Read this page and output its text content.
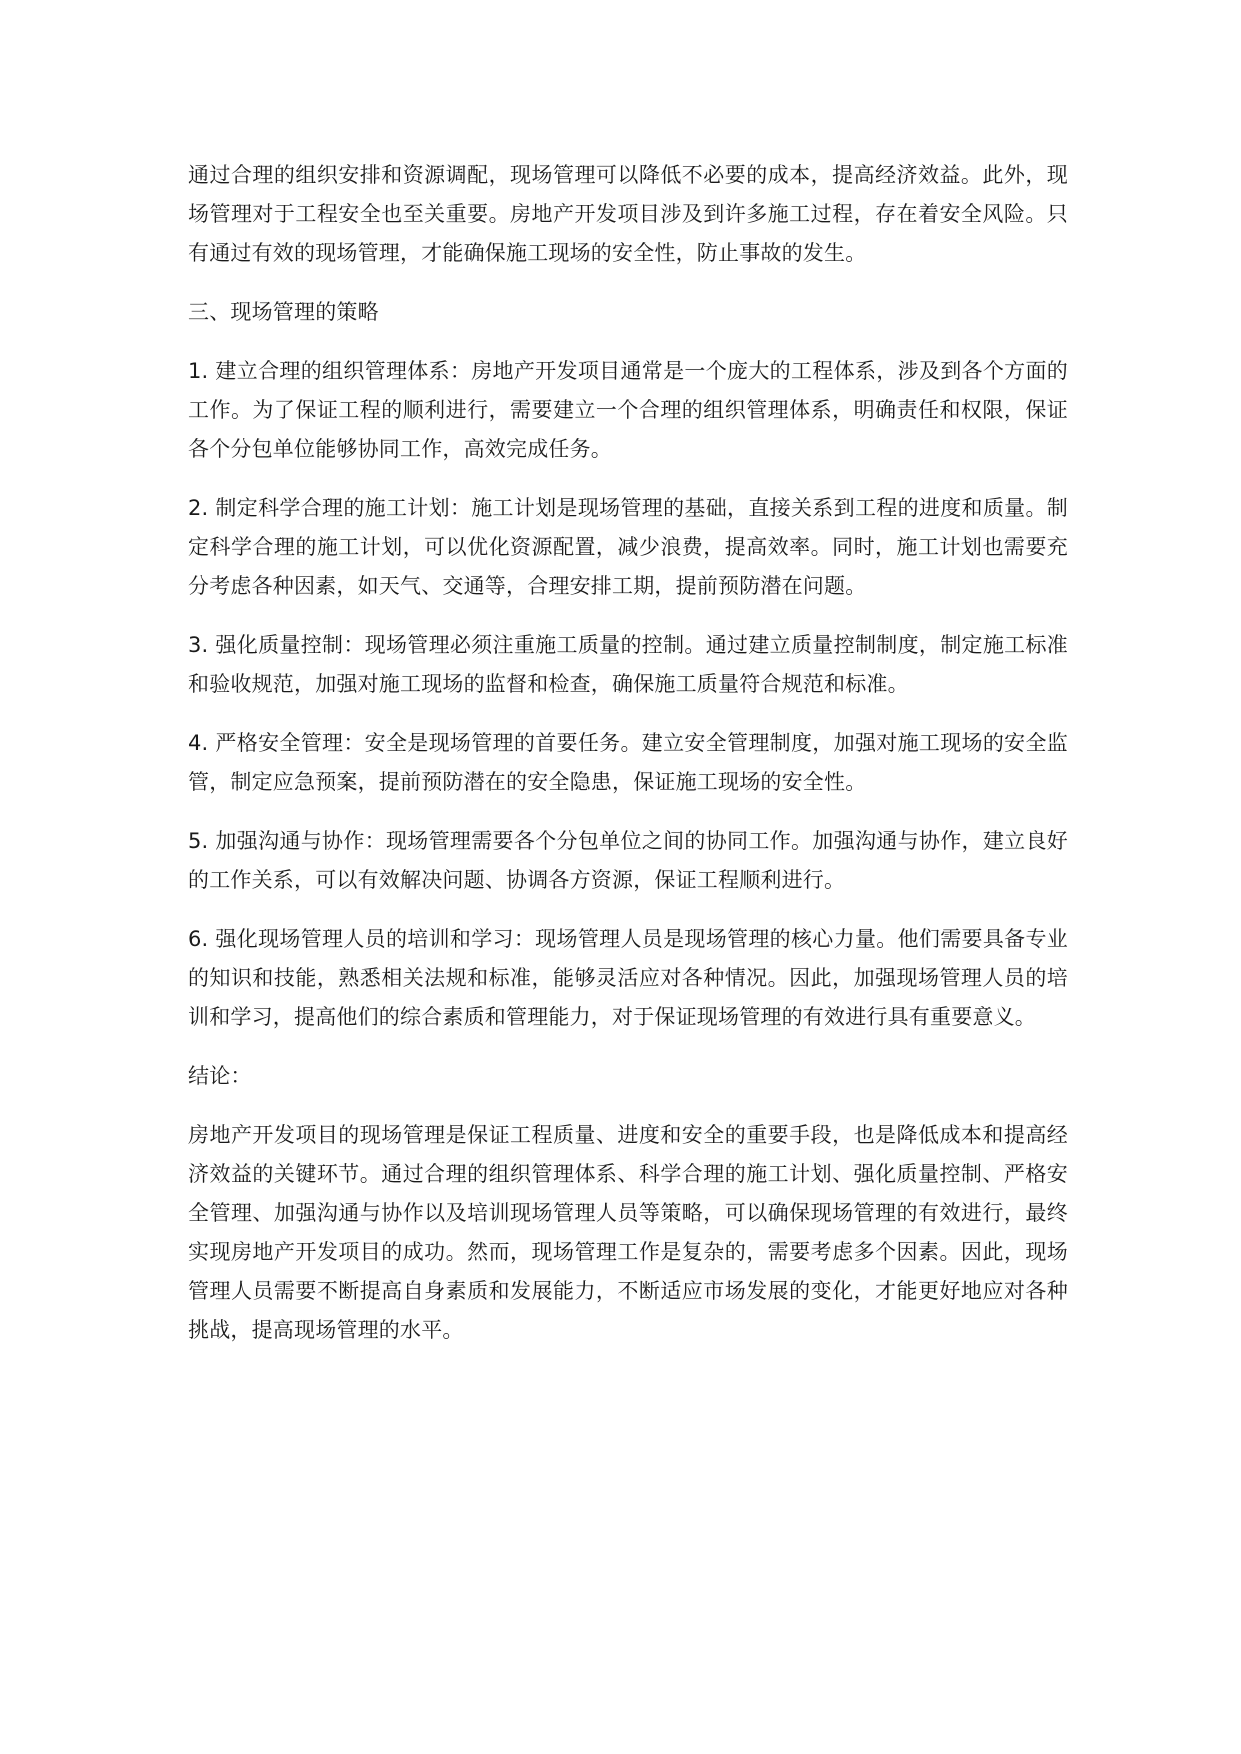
通过合理的组织安排和资源调配，现场管理可以降低不必要的成本，提高经济效益。此外，现场管理对于工程安全也至关重要。房地产开发项目涉及到许多施工过程，存在着安全风险。只有通过有效的现场管理，才能确保施工现场的安全性，防止事故的发生。

三、现场管理的策略

1. 建立合理的组织管理体系：房地产开发项目通常是一个庞大的工程体系，涉及到各个方面的工作。为了保证工程的顺利进行，需要建立一个合理的组织管理体系，明确责任和权限，保证各个分包单位能够协同工作，高效完成任务。

2. 制定科学合理的施工计划：施工计划是现场管理的基础，直接关系到工程的进度和质量。制定科学合理的施工计划，可以优化资源配置，减少浪费，提高效率。同时，施工计划也需要充分考虑各种因素，如天气、交通等，合理安排工期，提前预防潜在问题。

3. 强化质量控制：现场管理必须注重施工质量的控制。通过建立质量控制制度，制定施工标准和验收规范，加强对施工现场的监督和检查，确保施工质量符合规范和标准。

4. 严格安全管理：安全是现场管理的首要任务。建立安全管理制度，加强对施工现场的安全监管，制定应急预案，提前预防潜在的安全隐患，保证施工现场的安全性。

5. 加强沟通与协作：现场管理需要各个分包单位之间的协同工作。加强沟通与协作，建立良好的工作关系，可以有效解决问题、协调各方资源，保证工程顺利进行。

6. 强化现场管理人员的培训和学习：现场管理人员是现场管理的核心力量。他们需要具备专业的知识和技能，熟悉相关法规和标准，能够灵活应对各种情况。因此，加强现场管理人员的培训和学习，提高他们的综合素质和管理能力，对于保证现场管理的有效进行具有重要意义。

结论：

房地产开发项目的现场管理是保证工程质量、进度和安全的重要手段，也是降低成本和提高经济效益的关键环节。通过合理的组织管理体系、科学合理的施工计划、强化质量控制、严格安全管理、加强沟通与协作以及培训现场管理人员等策略，可以确保现场管理的有效进行，最终实现房地产开发项目的成功。然而，现场管理工作是复杂的，需要考虑多个因素。因此，现场管理人员需要不断提高自身素质和发展能力，不断适应市场发展的变化，才能更好地应对各种挑战，提高现场管理的水平。
